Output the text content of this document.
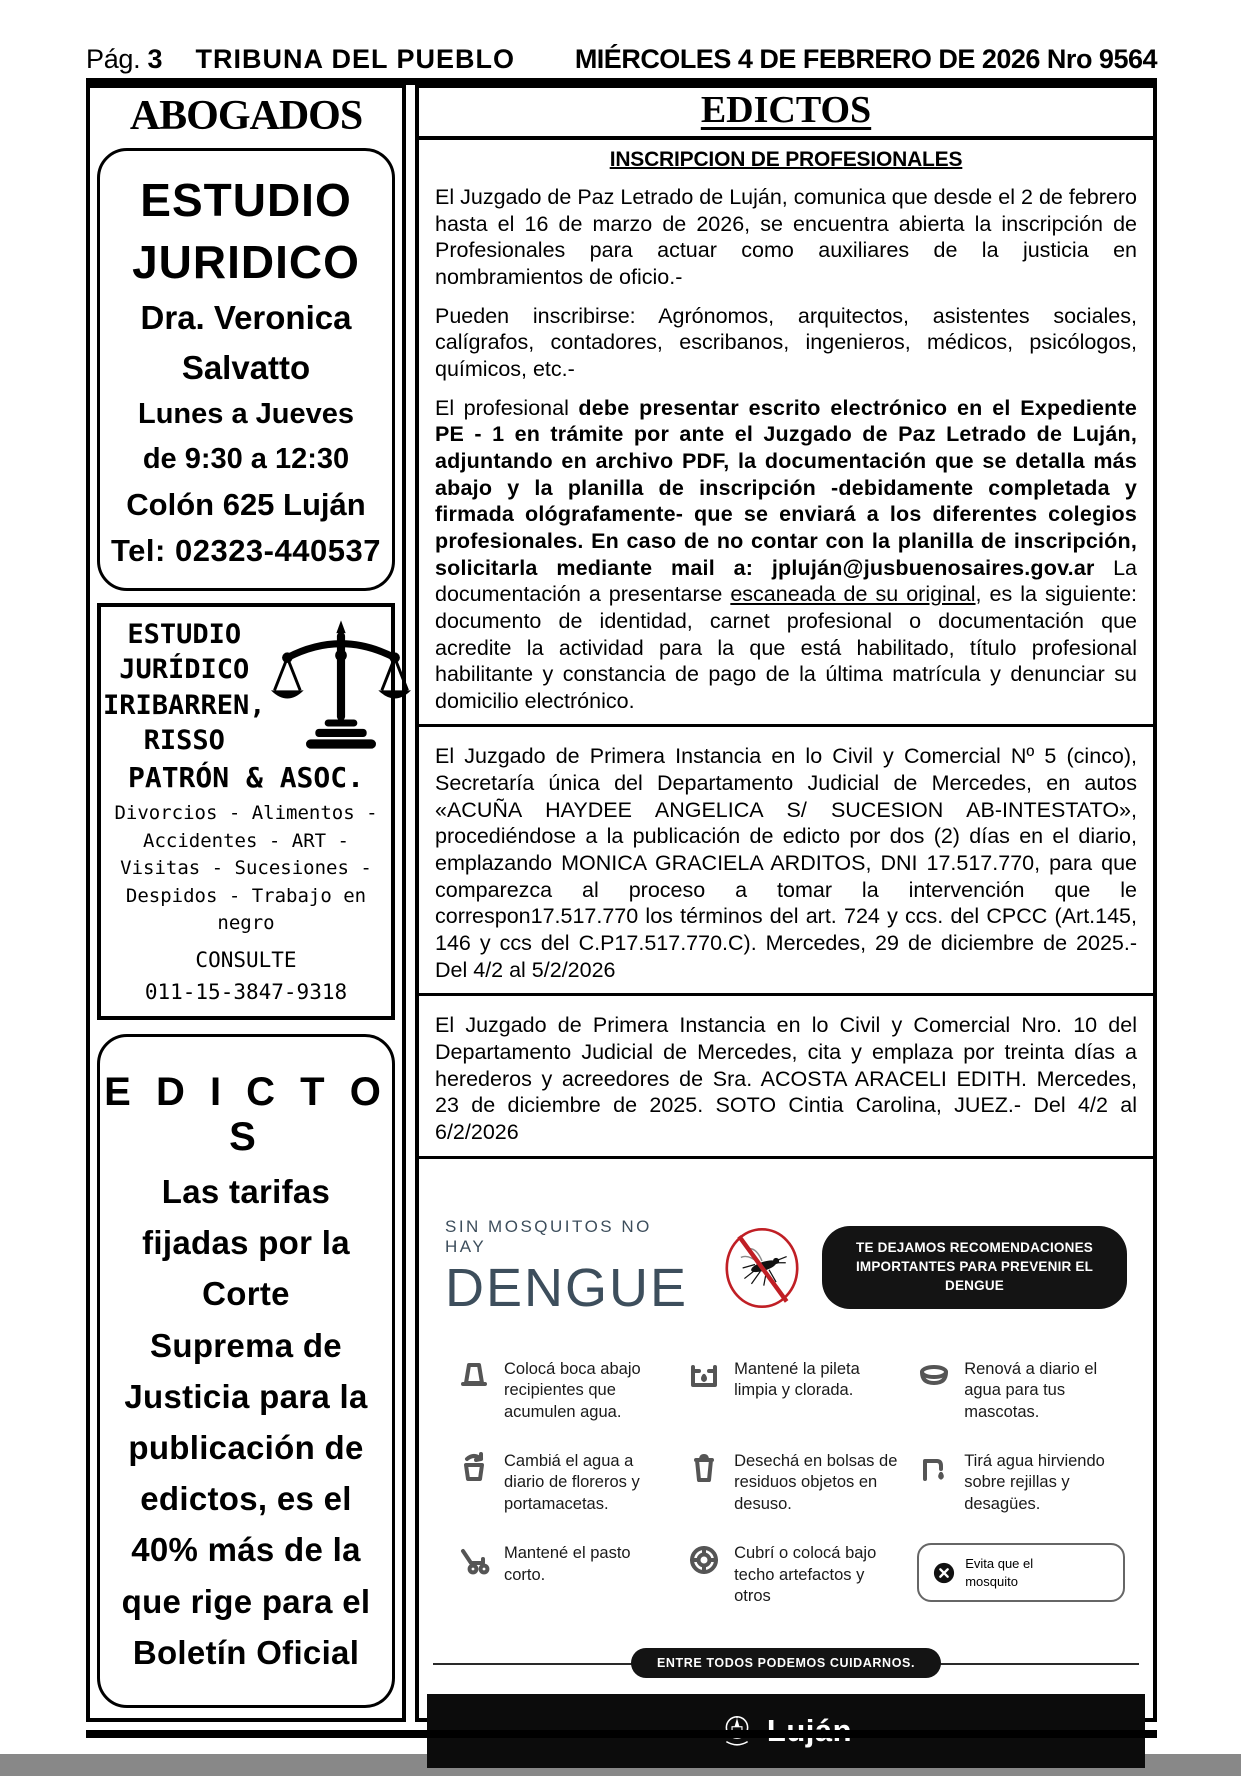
Pág. 3 TRIBUNA DEL PUEBLO MIÉRCOLES 4 DE FEBRERO DE 2026 Nro 9564
ABOGADOS
ESTUDIO
JURIDICO
Dra. Veronica
Salvatto
Lunes a Jueves
de 9:30 a 12:30
Colón 625 Luján
Tel: 02323-440537
ESTUDIO
JURÍDICO
IRIBARREN,
RISSO
PATRÓN & ASOC.
Divorcios - Alimentos - Accidentes - ART - Visitas - Sucesiones - Despidos - Trabajo en negro
CONSULTE
011-15-3847-9318
E D I C T O S
Las tarifas
fijadas por la
Corte
Suprema de
Justicia para la
publicación de
edictos, es el
40% más de la
que rige para el
Boletín Oficial
EDICTOS
INSCRIPCION DE PROFESIONALES

El Juzgado de Paz Letrado de Luján, comunica que desde el 2 de febrero hasta el 16 de marzo de 2026, se encuentra abierta la inscripción de Profesionales para actuar como auxiliares de la justicia en nombramientos de oficio.-

Pueden inscribirse: Agrónomos, arquitectos, asistentes sociales, calígrafos, contadores, escribanos, ingenieros, médicos, psicólogos, químicos, etc.-

El profesional debe presentar escrito electrónico en el Expediente PE - 1 en trámite por ante el Juzgado de Paz Letrado de Luján, adjuntando en archivo PDF, la documentación que se detalla más abajo y la planilla de inscripción -debidamente completada y firmada ológrafamente- que se enviará a los diferentes colegios profesionales. En caso de no contar con la planilla de inscripción, solicitarla mediante mail a: jpluján@jusbuenosaires.gov.ar La documentación a presentarse escaneada de su original, es la siguiente: documento de identidad, carnet profesional o documentación que acredite la actividad para la que está habilitado, título profesional habilitante y constancia de pago de la última matrícula y denunciar su domicilio electrónico.

El Juzgado de Primera Instancia en lo Civil y Comercial Nº 5 (cinco), Secretaría única del Departamento Judicial de Mercedes, en autos «ACUÑA HAYDEE ANGELICA S/ SUCESION AB-INTESTATO», procediéndose a la publicación de edicto por dos (2) días en el diario, emplazando MONICA GRACIELA ARDITOS, DNI 17.517.770, para que comparezca al proceso a tomar la intervención que le correspon17.517.770 los términos del art. 724 y ccs. del CPCC (Art.145, 146 y ccs del C.P17.517.770.C). Mercedes, 29 de diciembre de 2025.- Del 4/2 al 5/2/2026

El Juzgado de Primera Instancia en lo Civil y Comercial Nro. 10 del Departamento Judicial de Mercedes, cita y emplaza por treinta días a herederos y acreedores de Sra. ACOSTA ARACELI EDITH. Mercedes, 23 de diciembre de 2025. SOTO Cintia Carolina, JUEZ.- Del 4/2 al 6/2/2026

SIN MOSQUITOS NO HAY
DENGUE
TE DEJAMOS RECOMENDACIONES
IMPORTANTES PARA PREVENIR EL DENGUE
Colocá boca abajo recipientes que acumulen agua.
Mantené la pileta limpia y clorada.
Renová a diario el agua para tus mascotas.
Cambiá el agua a diario de floreros y portamacetas.
Desechá en bolsas de residuos objetos en desuso.
Tirá agua hirviendo sobre rejillas y desagües.
Mantené el pasto corto.
Cubrí o colocá bajo techo artefactos y otros
Evita que el
mosquito
ENTRE TODOS PODEMOS CUIDARNOS.
